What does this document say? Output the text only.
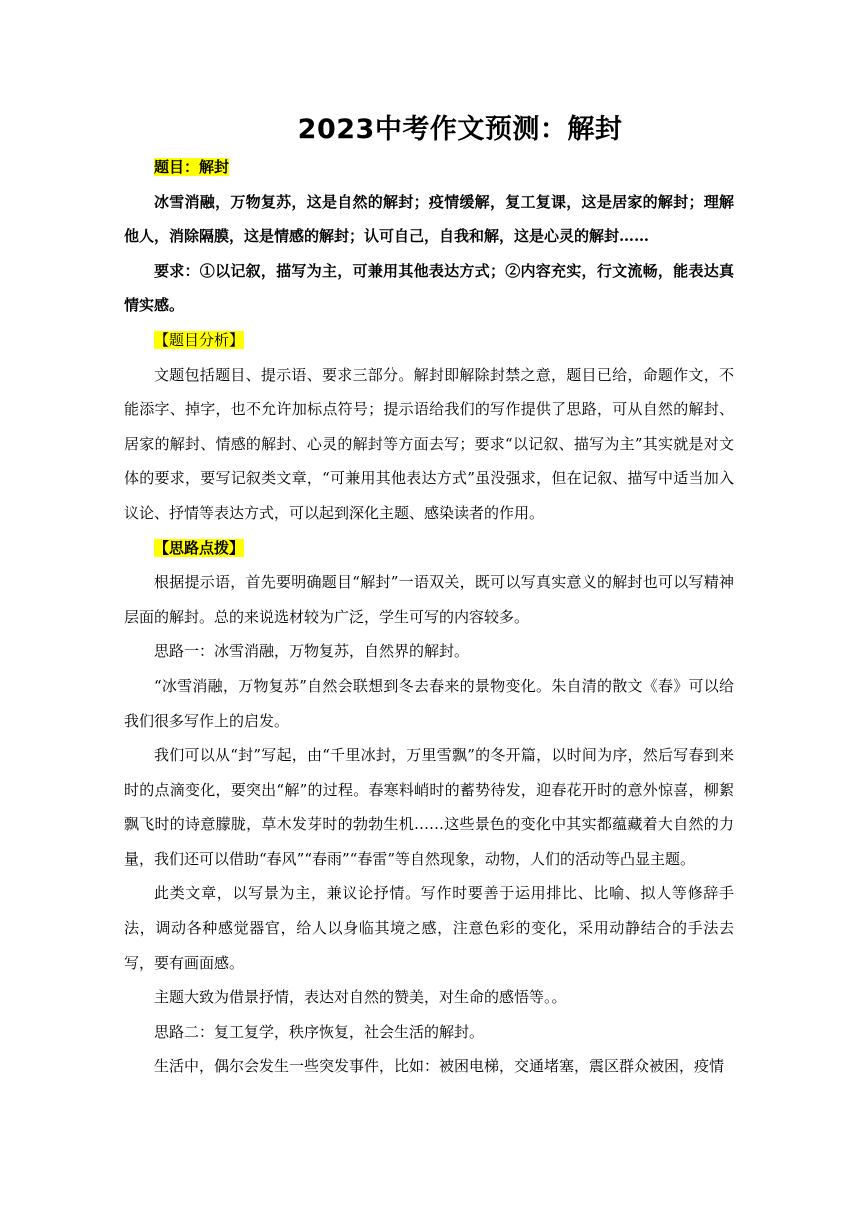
2023中考作文预测：解封

题目：解封

冰雪消融，万物复苏，这是自然的解封；疫情缓解，复工复课，这是居家的解封；理解他人，消除隔膜，这是情感的解封；认可自己，自我和解，这是心灵的解封……

要求：①以记叙，描写为主，可兼用其他表达方式；②内容充实，行文流畅，能表达真情实感。

【题目分析】

文题包括题目、提示语、要求三部分。解封即解除封禁之意，题目已给，命题作文，不能添字、掉字，也不允许加标点符号；提示语给我们的写作提供了思路，可从自然的解封、居家的解封、情感的解封、心灵的解封等方面去写；要求“以记叙、描写为主”其实就是对文体的要求，要写记叙类文章，“可兼用其他表达方式”虽没强求，但在记叙、描写中适当加入议论、抒情等表达方式，可以起到深化主题、感染读者的作用。

【思路点拨】

根据提示语，首先要明确题目“解封”一语双关，既可以写真实意义的解封也可以写精神层面的解封。总的来说选材较为广泛，学生可写的内容较多。

思路一：冰雪消融，万物复苏，自然界的解封。

“冰雪消融，万物复苏”自然会联想到冬去春来的景物变化。朱自清的散文《春》可以给我们很多写作上的启发。

我们可以从“封”写起，由“千里冰封，万里雪飘”的冬开篇，以时间为序，然后写春到来时的点滴变化，要突出“解”的过程。春寒料峭时的蓄势待发，迎春花开时的意外惊喜，柳絮飘飞时的诗意朦胧，草木发芽时的勃勃生机……这些景色的变化中其实都蕴藏着大自然的力量，我们还可以借助“春风”“春雨”“春雷”等自然现象，动物，人们的活动等凸显主题。

此类文章，以写景为主，兼议论抒情。写作时要善于运用排比、比喻、拟人等修辞手法，调动各种感觉器官，给人以身临其境之感，注意色彩的变化，采用动静结合的手法去写，要有画面感。

主题大致为借景抒情，表达对自然的赞美，对生命的感悟等。。

思路二：复工复学，秩序恢复，社会生活的解封。

生活中，偶尔会发生一些突发事件，比如：被困电梯，交通堵塞，震区群众被困，疫情
